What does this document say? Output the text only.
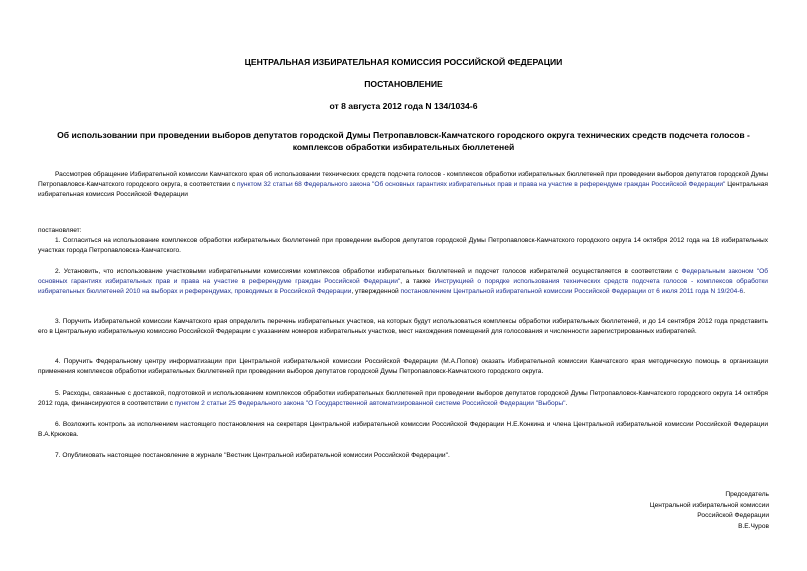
ЦЕНТРАЛЬНАЯ ИЗБИРАТЕЛЬНАЯ КОМИССИЯ РОССИЙСКОЙ ФЕДЕРАЦИИ
ПОСТАНОВЛЕНИЕ
от 8 августа 2012 года N 134/1034-6
Об использовании при проведении выборов депутатов городской Думы Петропавловск-Камчатского городского округа технических средств подсчета голосов - комплексов обработки избирательных бюллетеней
Рассмотрев обращение Избирательной комиссии Камчатского края об использовании технических средств подсчета голосов - комплексов обработки избирательных бюллетеней при проведении выборов депутатов городской Думы Петропавловск-Камчатского городского округа, в соответствии с пунктом 32 статьи 68 Федерального закона "Об основных гарантиях избирательных прав и права на участие в референдуме граждан Российской Федерации" Центральная избирательная комиссия Российской Федерации
постановляет:
1. Согласиться на использование комплексов обработки избирательных бюллетеней при проведении выборов депутатов городской Думы Петропавловск-Камчатского городского округа 14 октября 2012 года на 18 избирательных участках города Петропавловска-Камчатского.
2. Установить, что использование участковыми избирательными комиссиями комплексов обработки избирательных бюллетеней и подсчет голосов избирателей осуществляется в соответствии с Федеральным законом "Об основных гарантиях избирательных прав и права на участие в референдуме граждан Российской Федерации", а также Инструкцией о порядке использования технических средств подсчета голосов - комплексов обработки избирательных бюллетеней 2010 на выборах и референдумах, проводимых в Российской Федерации, утвержденной постановлением Центральной избирательной комиссии Российской Федерации от 6 июля 2011 года N 19/204-6.
3. Поручить Избирательной комиссии Камчатского края определить перечень избирательных участков, на которых будут использоваться комплексы обработки избирательных бюллетеней, и до 14 сентября 2012 года представить его в Центральную избирательную комиссию Российской Федерации с указанием номеров избирательных участков, мест нахождения помещений для голосования и численности зарегистрированных избирателей.
4. Поручить Федеральному центру информатизации при Центральной избирательной комиссии Российской Федерации (М.А.Попов) оказать Избирательной комиссии Камчатского края методическую помощь в организации применения комплексов обработки избирательных бюллетеней при проведении выборов депутатов городской Думы Петропавловск-Камчатского городского округа.
5. Расходы, связанные с доставкой, подготовкой и использованием комплексов обработки избирательных бюллетеней при проведении выборов депутатов городской Думы Петропавловск-Камчатского городского округа 14 октября 2012 года, финансируются в соответствии с пунктом 2 статьи 25 Федерального закона "О Государственной автоматизированной системе Российской Федерации "Выборы".
6. Возложить контроль за исполнением настоящего постановления на секретаря Центральной избирательной комиссии Российской Федерации Н.Е.Конкина и члена Центральной избирательной комиссии Российской Федерации В.А.Крюкова.
7. Опубликовать настоящее постановление в журнале "Вестник Центральной избирательной комиссии Российской Федерации".
Председатель
Центральной избирательной комиссии
Российской Федерации
В.Е.Чуров
